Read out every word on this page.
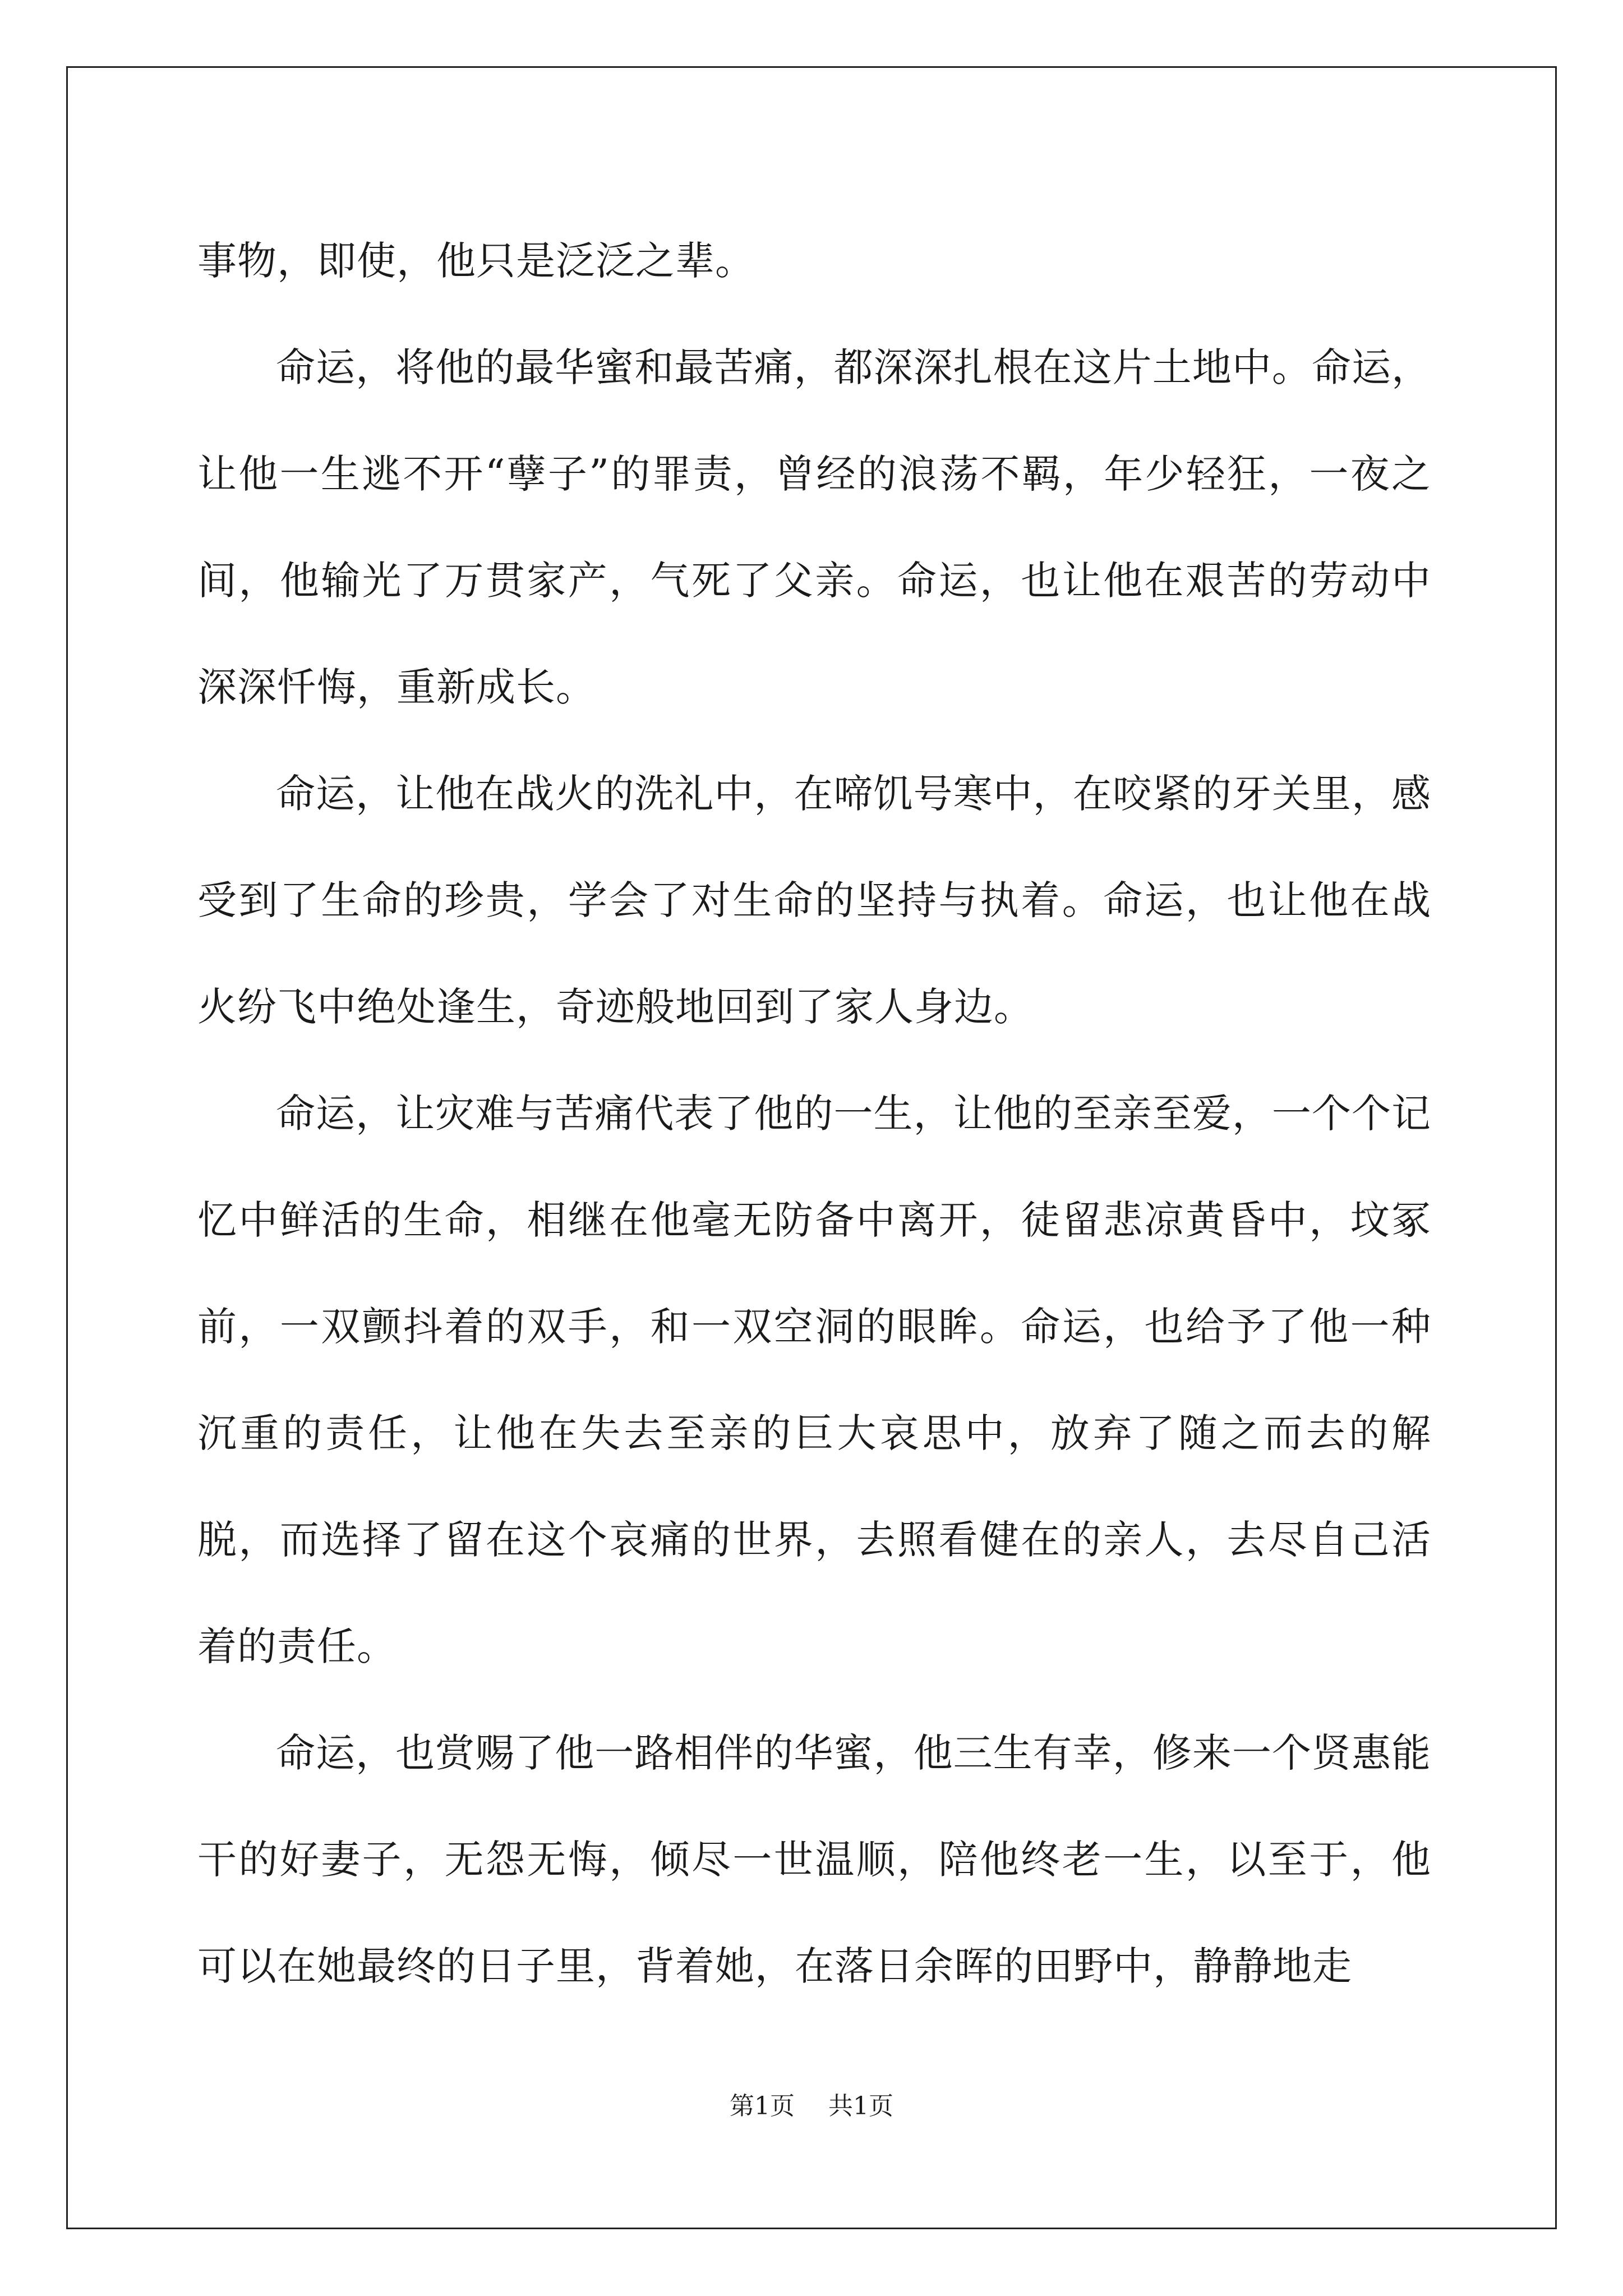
事物，即使，他只是泛泛之辈。

命运，将他的最华蜜和最苦痛，都深深扎根在这片土地中。命运，让他一生逃不开“孽子”的罪责，曾经的浪荡不羁，年少轻狂，一夜之间，他输光了万贯家产，气死了父亲。命运，也让他在艰苦的劳动中深深忏悔，重新成长。

命运，让他在战火的洗礼中，在啼饥号寒中，在咬紧的牙关里，感受到了生命的珍贵，学会了对生命的坚持与执着。命运，也让他在战火纷飞中绝处逢生，奇迹般地回到了家人身边。

命运，让灾难与苦痛代表了他的一生，让他的至亲至爱，一个个记忆中鲜活的生命，相继在他毫无防备中离开，徒留悲凉黄昏中，坟冢前，一双颤抖着的双手，和一双空洞的眼眸。命运，也给予了他一种沉重的责任，让他在失去至亲的巨大哀思中，放弃了随之而去的解脱，而选择了留在这个哀痛的世界，去照看健在的亲人，去尽自己活着的责任。

命运，也赏赐了他一路相伴的华蜜，他三生有幸，修来一个贤惠能干的好妻子，无怨无悔，倾尽一世温顺，陪他终老一生，以至于，他可以在她最终的日子里，背着她，在落日余晖的田野中，静静地走

第1页 共1页
